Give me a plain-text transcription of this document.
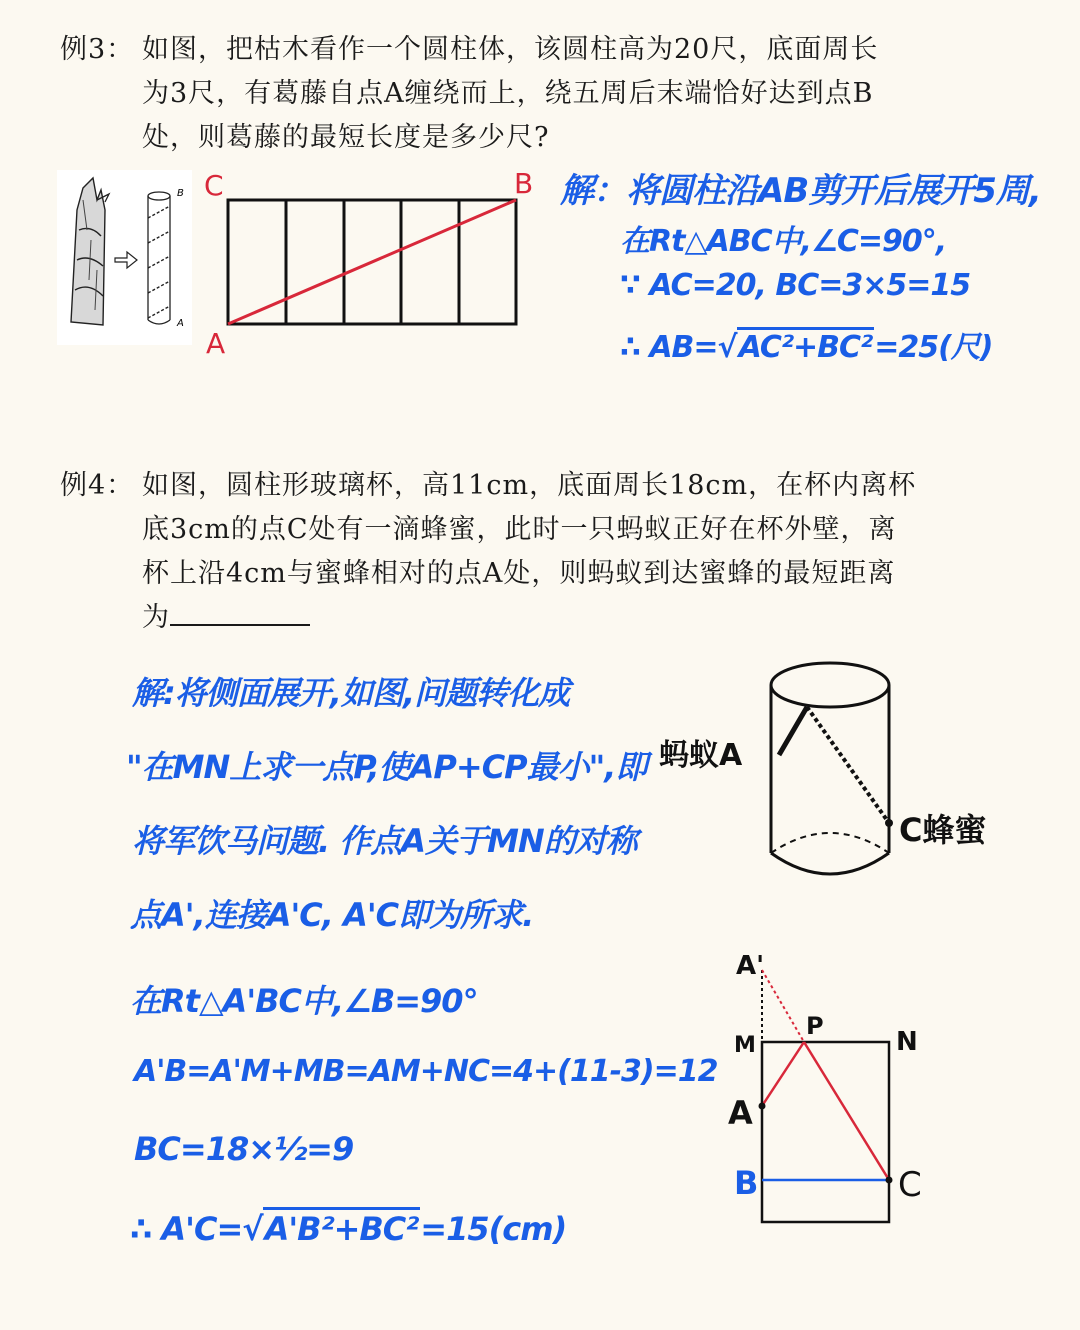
例3： 如图，把枯木看作一个圆柱体，该圆柱高为20尺，底面周长
为3尺，有葛藤自点A缠绕而上，绕五周后末端恰好达到点B
处，则葛藤的最短长度是多少尺?
B
A
C	B
A
解：将圆柱沿AB剪开后展开5周,
在Rt△ABC中,∠C=90°,
∵ AC=20, BC=3×5=15
∴ AB=√AC²+BC²=25(尺)
例4： 如图，圆柱形玻璃杯，高11cm，底面周长18cm，在杯内离杯
底3cm的点C处有一滴蜂蜜，此时一只蚂蚁正好在杯外壁，离
杯上沿4cm与蜜蜂相对的点A处，则蚂蚁到达蜜蜂的最短距离
为
解:将侧面展开,如图,问题转化成
"在MN上求一点P,使AP+CP最小",即
将军饮马问题. 作点A关于MN的对称
点A',连接A'C, A'C即为所求.
在Rt△A'BC中,∠B=90°
A'B=A'M+MB=AM+NC=4+(11-3)=12
BC=18×½=9
∴ A'C=√A'B²+BC²=15(cm)
蚂蚁A
C蜂蜜
A'
M
P
N
A
B	C
